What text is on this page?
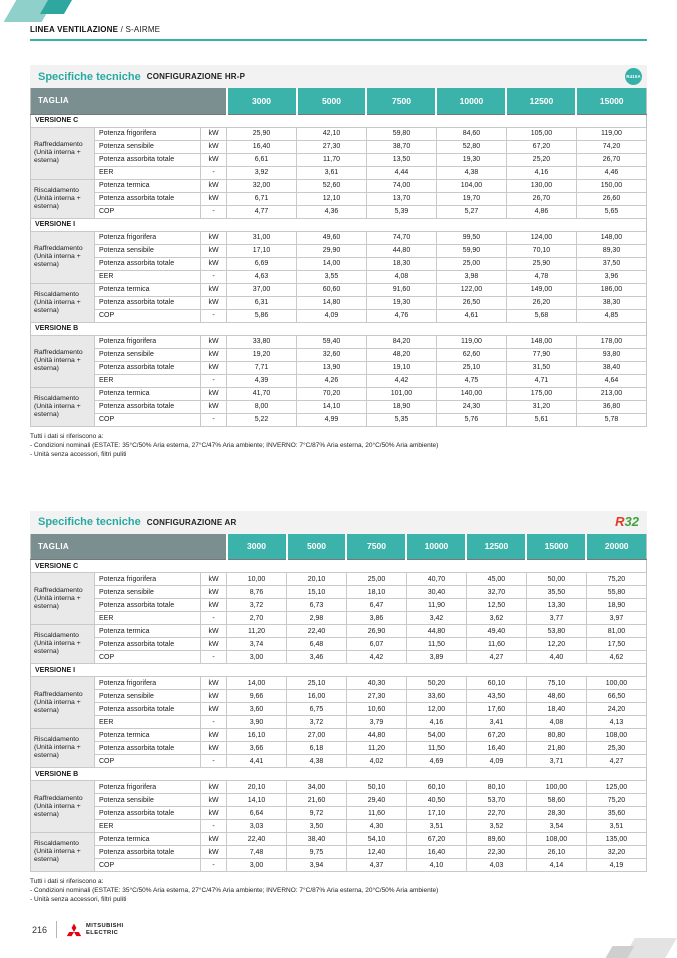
LINEA VENTILAZIONE / S-AIRME
Specifiche tecniche CONFIGURAZIONE HR-P	R410A
TAGLIA			3000	5000	7500	10000	12500	15000
VERSIONE C								
Raffreddamento (Unità interna + esterna)	Potenza frigorifera	kW	25,90	42,10	59,80	84,60	105,00	119,00
	Potenza sensibile	kW	16,40	27,30	38,70	52,80	67,20	74,20
	Potenza assorbita totale	kW	6,61	11,70	13,50	19,30	25,20	26,70
	EER	-	3,92	3,61	4,44	4,38	4,16	4,46
Riscaldamento (Unità interna + esterna)	Potenza termica	kW	32,00	52,60	74,00	104,00	130,00	150,00
	Potenza assorbita totale	kW	6,71	12,10	13,70	19,70	26,70	26,60
	COP	-	4,77	4,36	5,39	5,27	4,86	5,65
VERSIONE I								
Raffreddamento (Unità interna + esterna)	Potenza frigorifera	kW	31,00	49,60	74,70	99,50	124,00	148,00
	Potenza sensibile	kW	17,10	29,90	44,80	59,90	70,10	89,30
	Potenza assorbita totale	kW	6,69	14,00	18,30	25,00	25,90	37,50
	EER	-	4,63	3,55	4,08	3,98	4,78	3,96
Riscaldamento (Unità interna + esterna)	Potenza termica	kW	37,00	60,60	91,60	122,00	149,00	186,00
	Potenza assorbita totale	kW	6,31	14,80	19,30	26,50	26,20	38,30
	COP	-	5,86	4,09	4,76	4,61	5,68	4,85
VERSIONE B								
Raffreddamento (Unità interna + esterna)	Potenza frigorifera	kW	33,80	59,40	84,20	119,00	148,00	178,00
	Potenza sensibile	kW	19,20	32,60	48,20	62,60	77,90	93,80
	Potenza assorbita totale	kW	7,71	13,90	19,10	25,10	31,50	38,40
	EER	-	4,39	4,26	4,42	4,75	4,71	4,64
Riscaldamento (Unità interna + esterna)	Potenza termica	kW	41,70	70,20	101,00	140,00	175,00	213,00
	Potenza assorbita totale	kW	8,00	14,10	18,90	24,30	31,20	36,80
	COP	-	5,22	4,99	5,35	5,76	5,61	5,78
Tutti i dati si riferiscono a:
- Condizioni nominali (ESTATE: 35°C/50% Aria esterna, 27°C/47% Aria ambiente; INVERNO: 7°C/87% Aria esterna, 20°C/50% Aria ambiente)
- Unità senza accessori, filtri puliti
Specifiche tecniche CONFIGURAZIONE AR	R32
TAGLIA			3000	5000	7500	10000	12500	15000	20000
VERSIONE C									
Raffreddamento (Unità interna + esterna)	Potenza frigorifera	kW	10,00	20,10	25,00	40,70	45,00	50,00	75,20
	Potenza sensibile	kW	8,76	15,10	18,10	30,40	32,70	35,50	55,80
	Potenza assorbita totale	kW	3,72	6,73	6,47	11,90	12,50	13,30	18,90
	EER	-	2,70	2,98	3,86	3,42	3,62	3,77	3,97
Riscaldamento (Unità interna + esterna)	Potenza termica	kW	11,20	22,40	26,90	44,80	49,40	53,80	81,00
	Potenza assorbita totale	kW	3,74	6,48	6,07	11,50	11,60	12,20	17,50
	COP	-	3,00	3,46	4,42	3,89	4,27	4,40	4,62
VERSIONE I									
Raffreddamento (Unità interna + esterna)	Potenza frigorifera	kW	14,00	25,10	40,30	50,20	60,10	75,10	100,00
	Potenza sensibile	kW	9,66	16,00	27,30	33,60	43,50	48,60	66,50
	Potenza assorbita totale	kW	3,60	6,75	10,60	12,00	17,60	18,40	24,20
	EER	-	3,90	3,72	3,79	4,16	3,41	4,08	4,13
Riscaldamento (Unità interna + esterna)	Potenza termica	kW	16,10	27,00	44,80	54,00	67,20	80,80	108,00
	Potenza assorbita totale	kW	3,66	6,18	11,20	11,50	16,40	21,80	25,30
	COP	-	4,41	4,38	4,02	4,69	4,09	3,71	4,27
VERSIONE B									
Raffreddamento (Unità interna + esterna)	Potenza frigorifera	kW	20,10	34,00	50,10	60,10	80,10	100,00	125,00
	Potenza sensibile	kW	14,10	21,60	29,40	40,50	53,70	58,60	75,20
	Potenza assorbita totale	kW	6,64	9,72	11,60	17,10	22,70	28,30	35,60
	EER	-	3,03	3,50	4,30	3,51	3,52	3,54	3,51
Riscaldamento (Unità interna + esterna)	Potenza termica	kW	22,40	38,40	54,10	67,20	89,60	108,00	135,00
	Potenza assorbita totale	kW	7,48	9,75	12,40	16,40	22,30	26,10	32,20
	COP	-	3,00	3,94	4,37	4,10	4,03	4,14	4,19
Tutti i dati si riferiscono a:
- Condizioni nominali (ESTATE: 35°C/50% Aria esterna, 27°C/47% Aria ambiente; INVERNO: 7°C/87% Aria esterna, 20°C/50% Aria ambiente)
- Unità senza accessori, filtri puliti
216	MITSUBISHI
ELECTRIC
